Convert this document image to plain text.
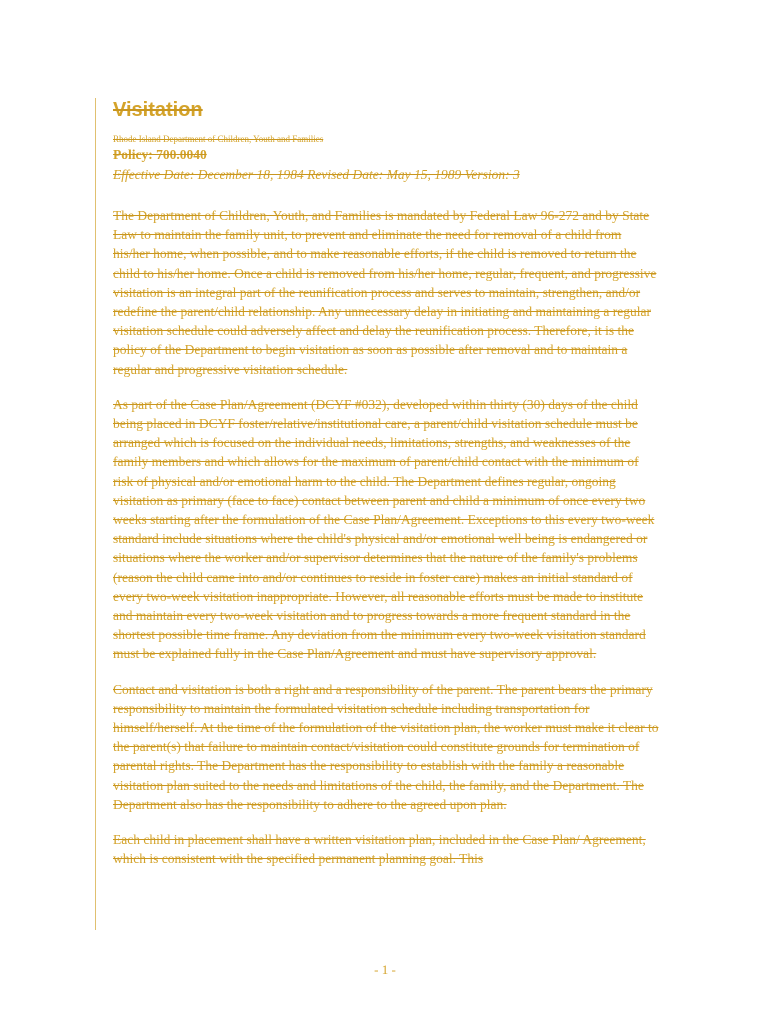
Visitation
Rhode Island Department of Children, Youth and Families
Policy: 700.0040
Effective Date: December 18, 1984 Revised Date: May 15, 1989 Version: 3

The Department of Children, Youth, and Families is mandated by Federal Law 96-272 and by State Law to maintain the family unit, to prevent and eliminate the need for removal of a child from his/her home, when possible, and to make reasonable efforts, if the child is removed to return the child to his/her home. Once a child is removed from his/her home, regular, frequent, and progressive visitation is an integral part of the reunification process and serves to maintain, strengthen, and/or redefine the parent/child relationship. Any unnecessary delay in initiating and maintaining a regular visitation schedule could adversely affect and delay the reunification process. Therefore, it is the policy of the Department to begin visitation as soon as possible after removal and to maintain a regular and progressive visitation schedule.

As part of the Case Plan/Agreement (DCYF #032), developed within thirty (30) days of the child being placed in DCYF foster/relative/institutional care, a parent/child visitation schedule must be arranged which is focused on the individual needs, limitations, strengths, and weaknesses of the family members and which allows for the maximum of parent/child contact with the minimum of risk of physical and/or emotional harm to the child. The Department defines regular, ongoing visitation as primary (face to face) contact between parent and child a minimum of once every two weeks starting after the formulation of the Case Plan/Agreement. Exceptions to this every two-week standard include situations where the child's physical and/or emotional well being is endangered or situations where the worker and/or supervisor determines that the nature of the family's problems (reason the child came into and/or continues to reside in foster care) makes an initial standard of every two-week visitation inappropriate. However, all reasonable efforts must be made to institute and maintain every two-week visitation and to progress towards a more frequent standard in the shortest possible time frame. Any deviation from the minimum every two-week visitation standard must be explained fully in the Case Plan/Agreement and must have supervisory approval.

Contact and visitation is both a right and a responsibility of the parent. The parent bears the primary responsibility to maintain the formulated visitation schedule including transportation for himself/herself. At the time of the formulation of the visitation plan, the worker must make it clear to the parent(s) that failure to maintain contact/visitation could constitute grounds for termination of parental rights. The Department has the responsibility to establish with the family a reasonable visitation plan suited to the needs and limitations of the child, the family, and the Department. The Department also has the responsibility to adhere to the agreed upon plan.

Each child in placement shall have a written visitation plan, included in the Case Plan/ Agreement, which is consistent with the specified permanent planning goal. This

- 1 -
